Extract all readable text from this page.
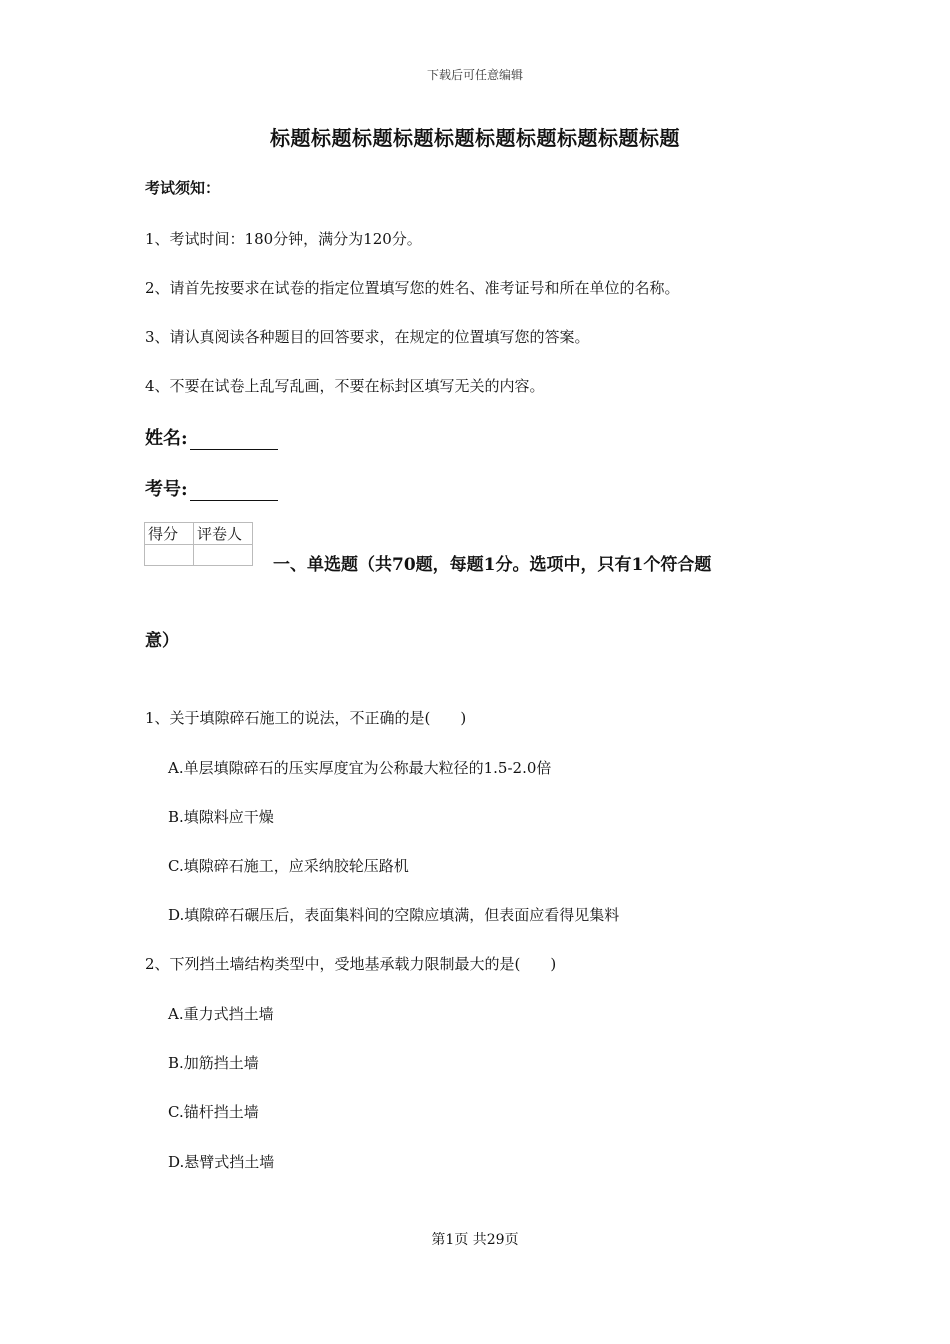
下载后可任意编辑
标题标题标题标题标题标题标题标题标题标题
考试须知：
1、考试时间：180分钟，满分为120分。
2、请首先按要求在试卷的指定位置填写您的姓名、准考证号和所在单位的名称。
3、请认真阅读各种题目的回答要求，在规定的位置填写您的答案。
4、不要在试卷上乱写乱画，不要在标封区填写无关的内容。
姓名:
考号:
得分	评卷人

一、单选题（共70题，每题1分。选项中，只有1个符合题
意）
1、关于填隙碎石施工的说法，不正确的是(　　)
A.单层填隙碎石的压实厚度宜为公称最大粒径的1.5-2.0倍
B.填隙料应干燥
C.填隙碎石施工，应采纳胶轮压路机
D.填隙碎石碾压后，表面集料间的空隙应填满，但表面应看得见集料
2、下列挡土墙结构类型中，受地基承载力限制最大的是(　　)
A.重力式挡土墙
B.加筋挡土墙
C.锚杆挡土墙
D.悬臂式挡土墙
第1页 共29页
